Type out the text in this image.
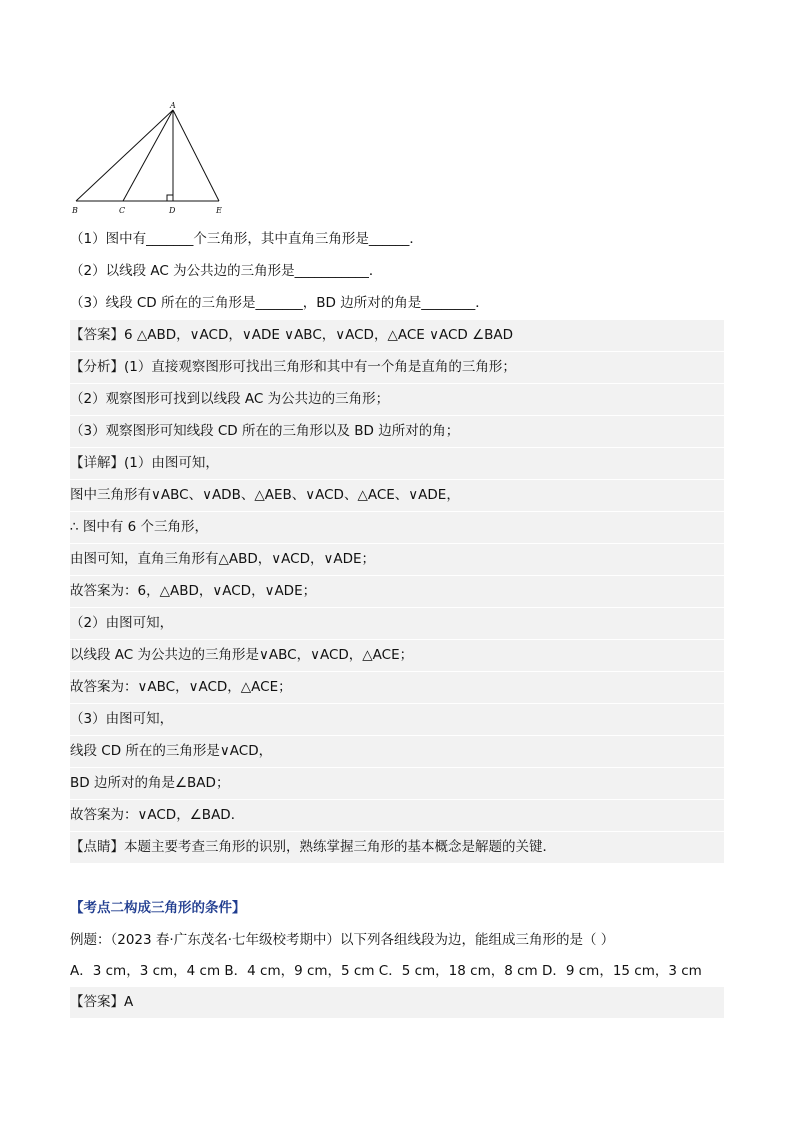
A
B	C	D	E
（1）图中有_______个三角形，其中直角三角形是______．
（2）以线段 AC 为公共边的三角形是___________．
（3）线段 CD 所在的三角形是_______，BD 边所对的角是________．
【答案】6 △ABD，∨ACD，∨ADE ∨ABC，∨ACD，△ACE ∨ACD ∠BAD
【分析】(1）直接观察图形可找出三角形和其中有一个角是直角的三角形；
（2）观察图形可找到以线段 AC 为公共边的三角形；
（3）观察图形可知线段 CD 所在的三角形以及 BD 边所对的角；
【详解】(1）由图可知，
图中三角形有∨ABC、∨ADB、△AEB、∨ACD、△ACE、∨ADE，
∴ 图中有 6 个三角形，
由图可知，直角三角形有△ABD，∨ACD，∨ADE；
故答案为：6，△ABD，∨ACD，∨ADE；
（2）由图可知，
以线段 AC 为公共边的三角形是∨ABC，∨ACD，△ACE；
故答案为：∨ABC，∨ACD，△ACE；
（3）由图可知，
线段 CD 所在的三角形是∨ACD，
BD 边所对的角是∠BAD；
故答案为：∨ACD，∠BAD．
【点睛】本题主要考查三角形的识别，熟练掌握三角形的基本概念是解题的关键．
【考点二构成三角形的条件】
例题：（2023 春·广东茂名·七年级校考期中）以下列各组线段为边，能组成三角形的是（ ）
A．3 cm，3 cm，4 cm B．4 cm，9 cm，5 cm C．5 cm，18 cm，8 cm D．9 cm，15 cm，3 cm
【答案】A
